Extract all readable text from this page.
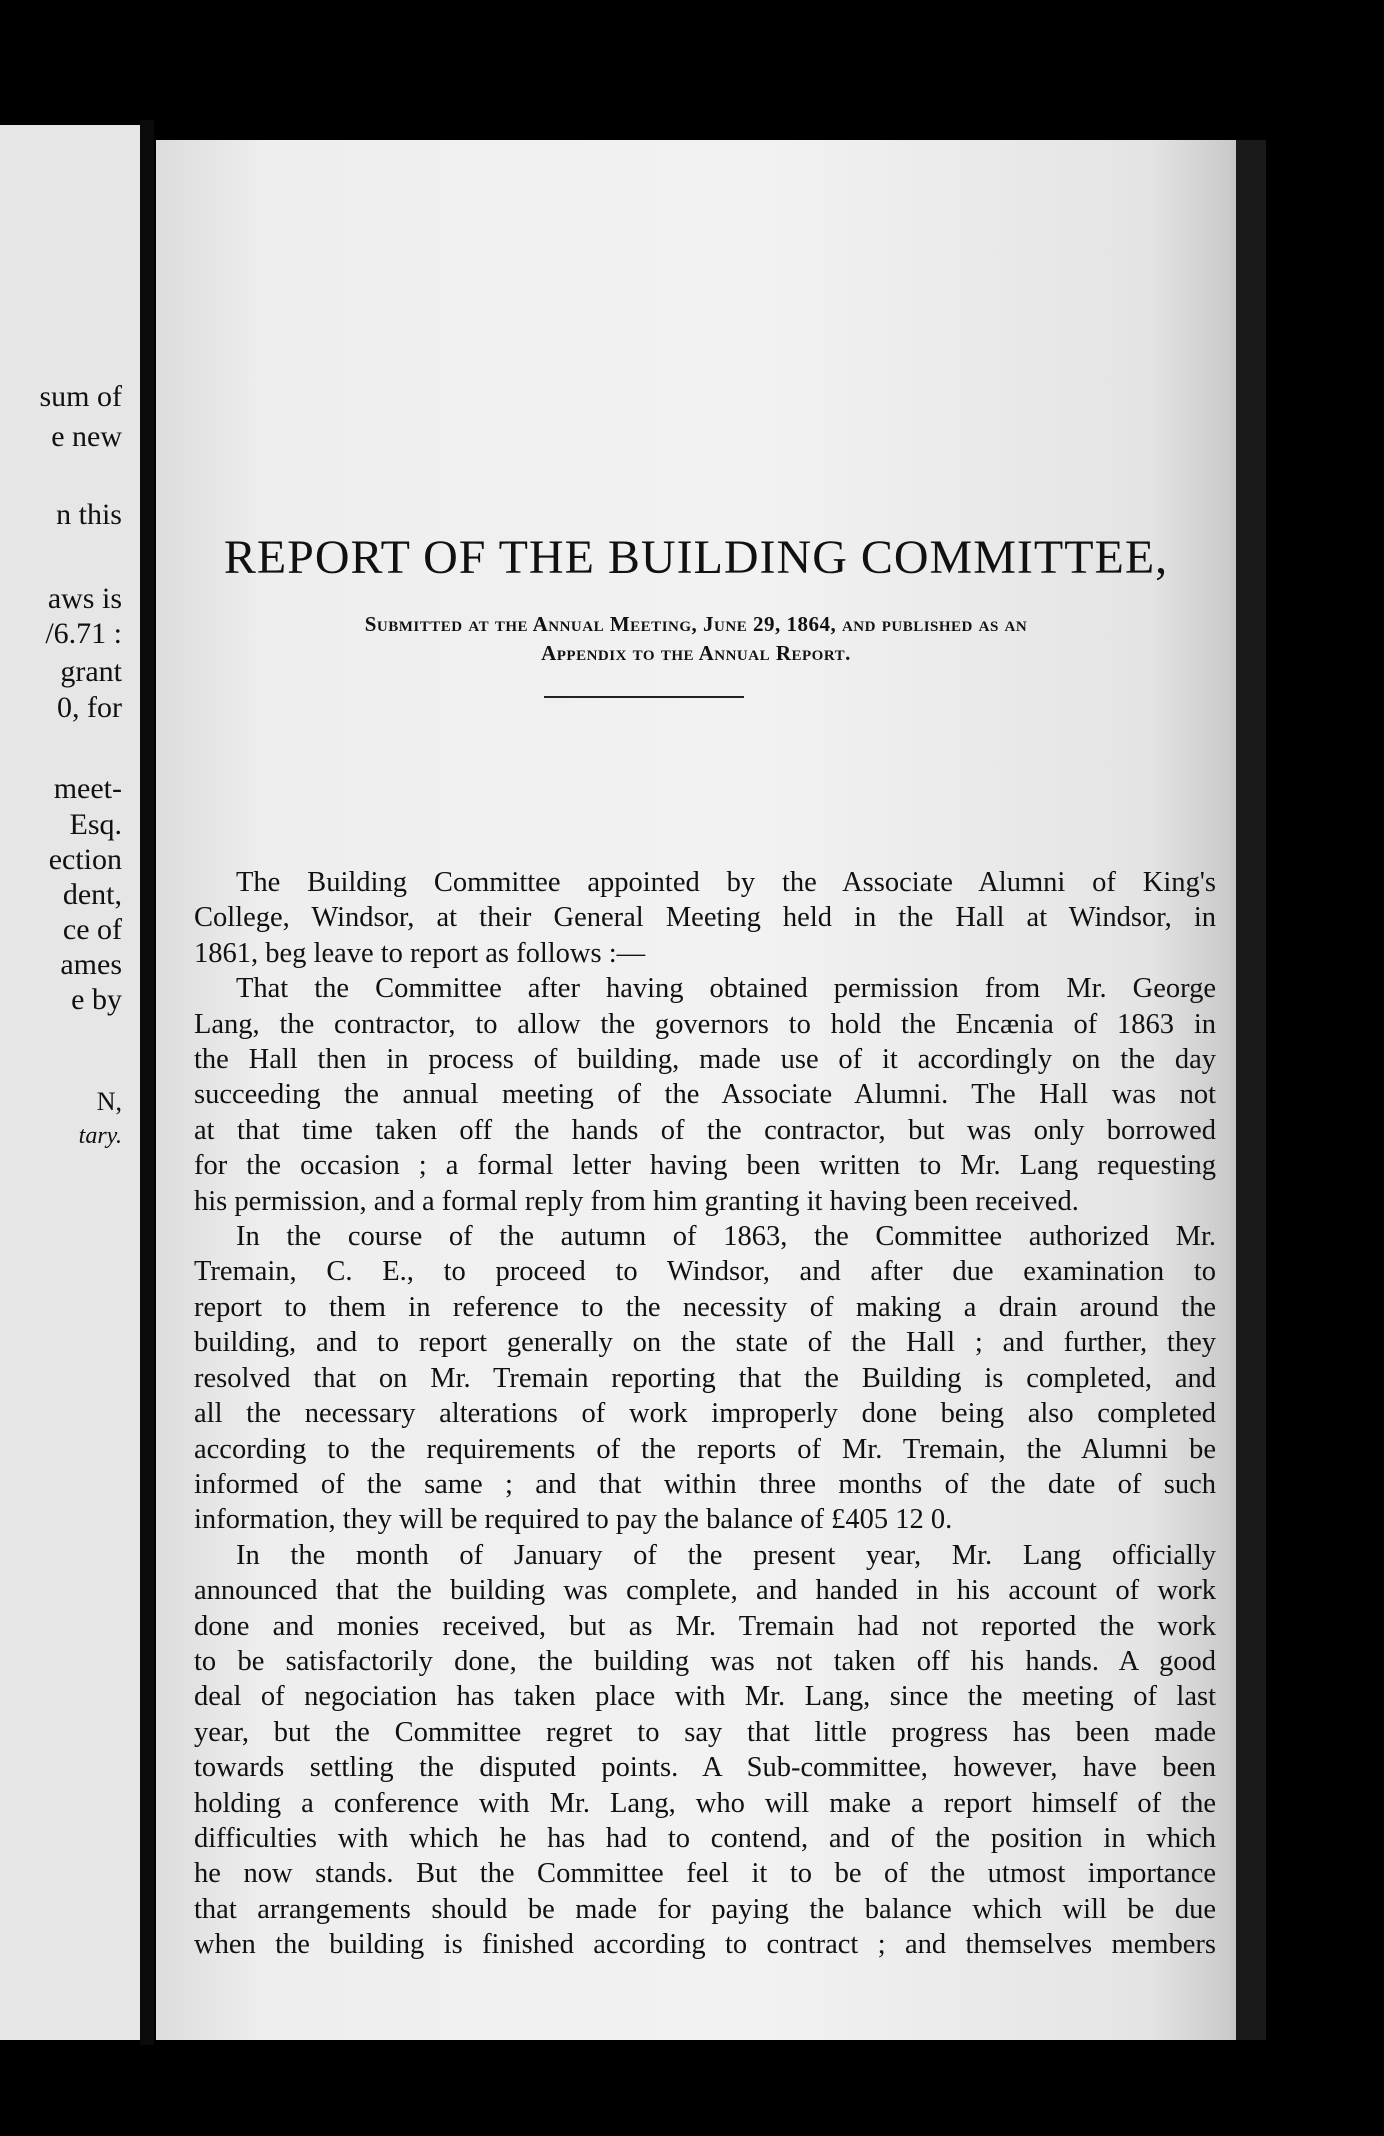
sum of
e new
n this
aws is
/6.71 :
grant
0, for
meet-
Esq.
ection
dent,
ce of
ames
e by
N,
tary.
REPORT OF THE BUILDING COMMITTEE,
Submitted at the Annual Meeting, June 29, 1864, and published as an
Appendix to the Annual Report.
The Building Committee appointed by the Associate Alumni of King's
College, Windsor, at their General Meeting held in the Hall at Windsor, in
1861, beg leave to report as follows :—
That the Committee after having obtained permission from Mr. George
Lang, the contractor, to allow the governors to hold the Encænia of 1863 in
the Hall then in process of building, made use of it accordingly on the day
succeeding the annual meeting of the Associate Alumni. The Hall was not
at that time taken off the hands of the contractor, but was only borrowed
for the occasion ; a formal letter having been written to Mr. Lang requesting
his permission, and a formal reply from him granting it having been received.
In the course of the autumn of 1863, the Committee authorized Mr.
Tremain, C. E., to proceed to Windsor, and after due examination to
report to them in reference to the necessity of making a drain around the
building, and to report generally on the state of the Hall ; and further, they
resolved that on Mr. Tremain reporting that the Building is completed, and
all the necessary alterations of work improperly done being also completed
according to the requirements of the reports of Mr. Tremain, the Alumni be
informed of the same ; and that within three months of the date of such
information, they will be required to pay the balance of £405 12 0.
In the month of January of the present year, Mr. Lang officially
announced that the building was complete, and handed in his account of work
done and monies received, but as Mr. Tremain had not reported the work
to be satisfactorily done, the building was not taken off his hands. A good
deal of negociation has taken place with Mr. Lang, since the meeting of last
year, but the Committee regret to say that little progress has been made
towards settling the disputed points. A Sub-committee, however, have been
holding a conference with Mr. Lang, who will make a report himself of the
difficulties with which he has had to contend, and of the position in which
he now stands. But the Committee feel it to be of the utmost importance
that arrangements should be made for paying the balance which will be due
when the building is finished according to contract ; and themselves members
